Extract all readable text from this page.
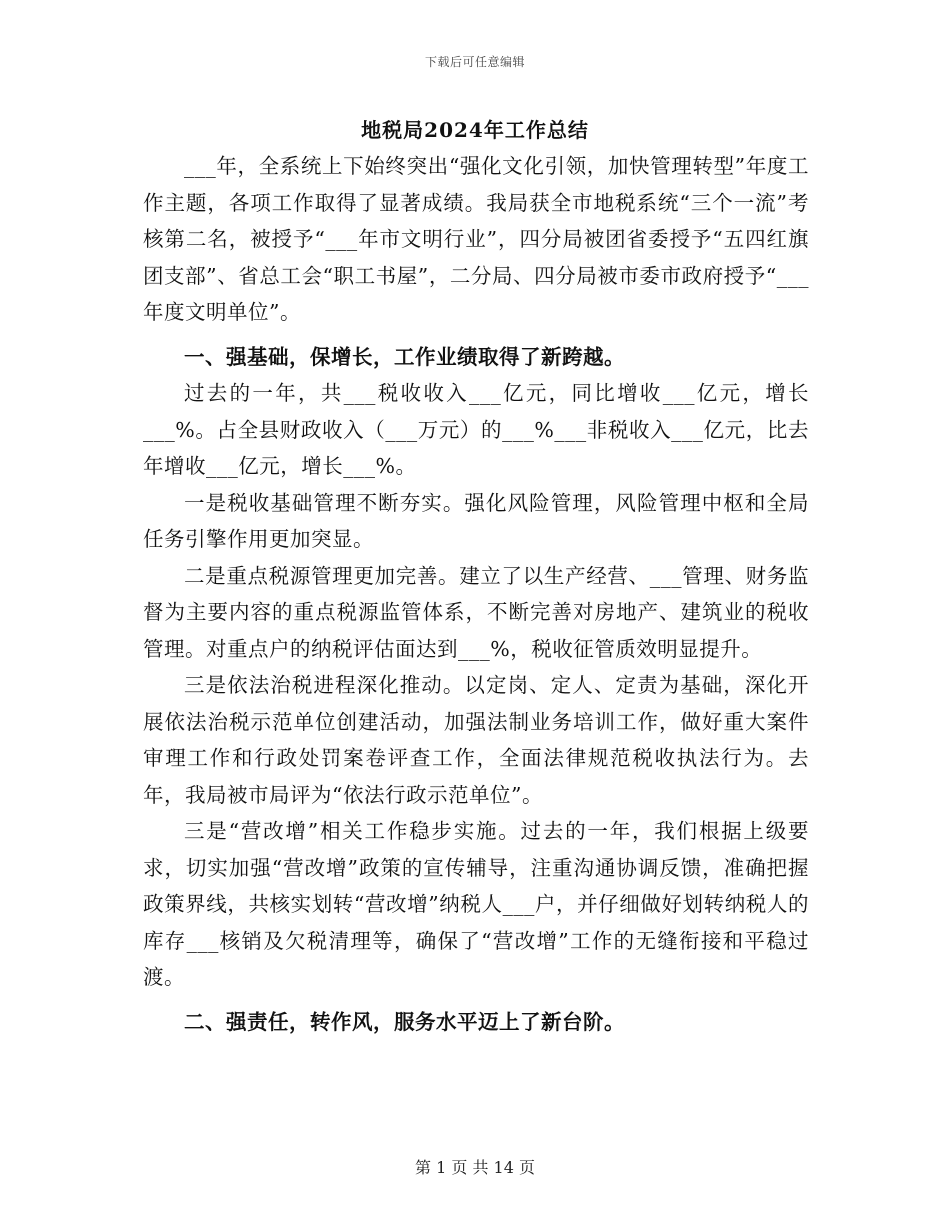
下载后可任意编辑
地税局2024年工作总结

___年，全系统上下始终突出“强化文化引领，加快管理转型”年度工作主题，各项工作取得了显著成绩。我局获全市地税系统“三个一流”考核第二名，被授予“___年市文明行业”，四分局被团省委授予“五四红旗团支部”、省总工会“职工书屋”，二分局、四分局被市委市政府授予“___年度文明单位”。

一、强基础，保增长，工作业绩取得了新跨越。

过去的一年，共___税收收入___亿元，同比增收___亿元，增长___%。占全县财政收入（___万元）的___%___非税收入___亿元，比去年增收___亿元，增长___%。

一是税收基础管理不断夯实。强化风险管理，风险管理中枢和全局任务引擎作用更加突显。

二是重点税源管理更加完善。建立了以生产经营、___管理、财务监督为主要内容的重点税源监管体系，不断完善对房地产、建筑业的税收管理。对重点户的纳税评估面达到___%，税收征管质效明显提升。

三是依法治税进程深化推动。以定岗、定人、定责为基础，深化开展依法治税示范单位创建活动，加强法制业务培训工作，做好重大案件审理工作和行政处罚案卷评查工作，全面法律规范税收执法行为。去年，我局被市局评为“依法行政示范单位”。

三是“营改增”相关工作稳步实施。过去的一年，我们根据上级要求，切实加强“营改增”政策的宣传辅导，注重沟通协调反馈，准确把握政策界线，共核实划转“营改增”纳税人___户，并仔细做好划转纳税人的库存___核销及欠税清理等，确保了“营改增”工作的无缝衔接和平稳过渡。

二、强责任，转作风，服务水平迈上了新台阶。

第 1 页 共 14 页
